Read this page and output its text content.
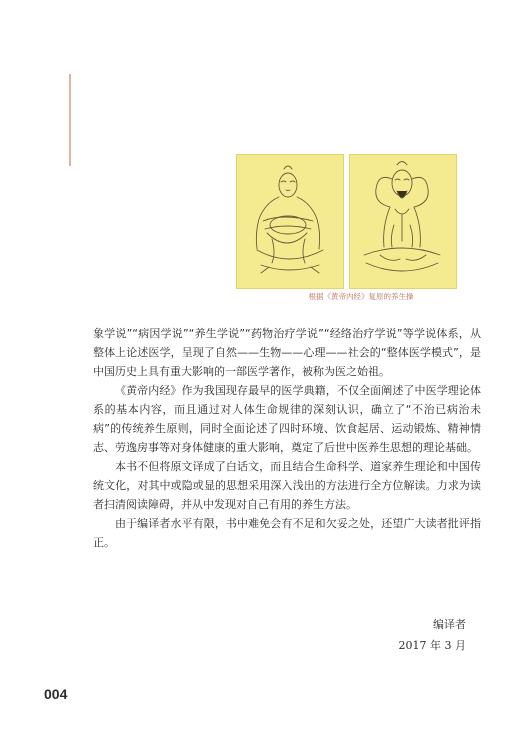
根据《黄帝内经》复原的养生操

象学说”“病因学说”“养生学说”“药物治疗学说”“经络治疗学说”等学说体系，从整体上论述医学，呈现了自然——生物——心理——社会的“整体医学模式”，是中国历史上具有重大影响的一部医学著作，被称为医之始祖。

《黄帝内经》作为我国现存最早的医学典籍，不仅全面阐述了中医学理论体系的基本内容，而且通过对人体生命规律的深刻认识，确立了“不治已病治未病”的传统养生原则，同时全面论述了四时环境、饮食起居、运动锻炼、精神情志、劳逸房事等对身体健康的重大影响，奠定了后世中医养生思想的理论基础。

本书不但将原文译成了白话文，而且结合生命科学、道家养生理论和中国传统文化，对其中或隐或显的思想采用深入浅出的方法进行全方位解读。力求为读者扫清阅读障碍，并从中发现对自己有用的养生方法。

由于编译者水平有限，书中难免会有不足和欠妥之处，还望广大读者批评指正。

编译者
2017 年 3 月
004
